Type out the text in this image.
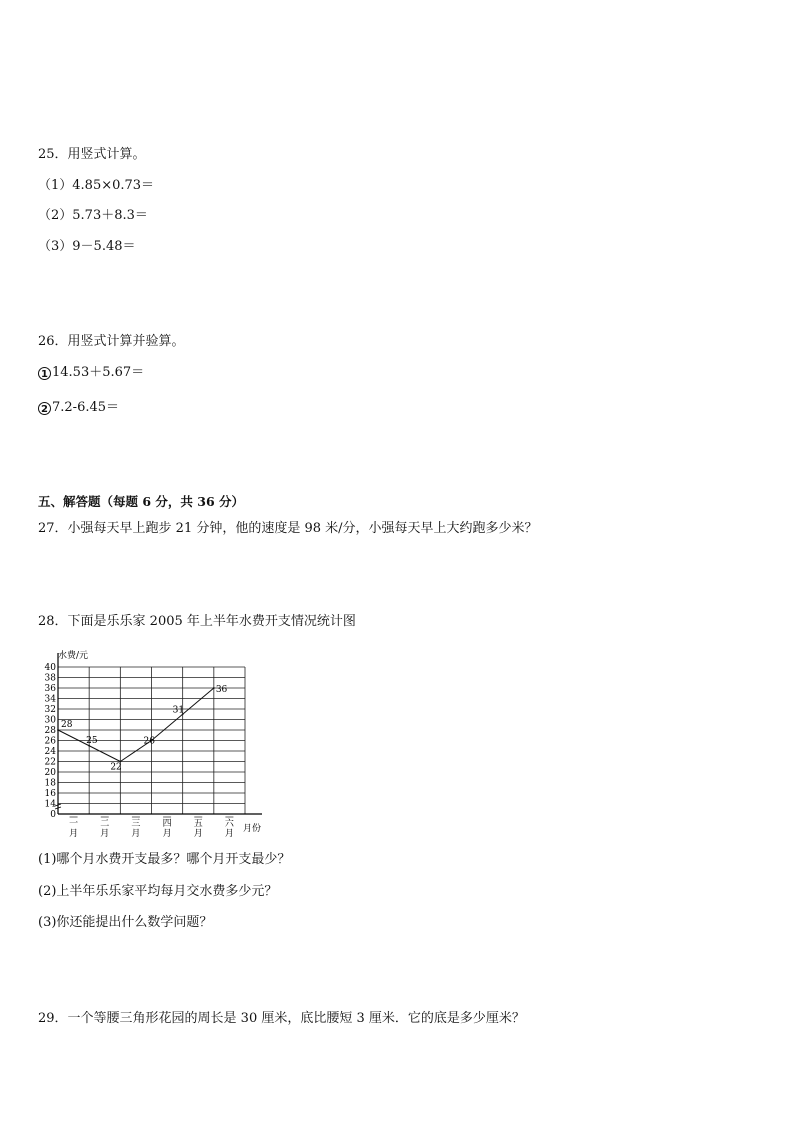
25．用竖式计算。
（1）4.85×0.73＝
（2）5.73＋8.3＝
（3）9－5.48＝
26．用竖式计算并验算。
1 14.53＋5.67＝
2 7.2-6.45＝
五、解答题（每题 6 分，共 36 分）
27．小强每天早上跑步 21 分钟，他的速度是 98 米/分，小强每天早上大约跑多少米？
28．下面是乐乐家 2005 年上半年水费开支情况统计图
0
14
16
18
20
22
24
26
28
30
32
34
36
38
40
一
月
二
月
三
月
四
月
五
月
六
月
28
25
22
26
31
36
水费/元
月份
(1)哪个月水费开支最多？哪个月开支最少？
(2)上半年乐乐家平均每月交水费多少元？
(3)你还能提出什么数学问题？
29．一个等腰三角形花园的周长是 30 厘米，底比腰短 3 厘米．它的底是多少厘米？
